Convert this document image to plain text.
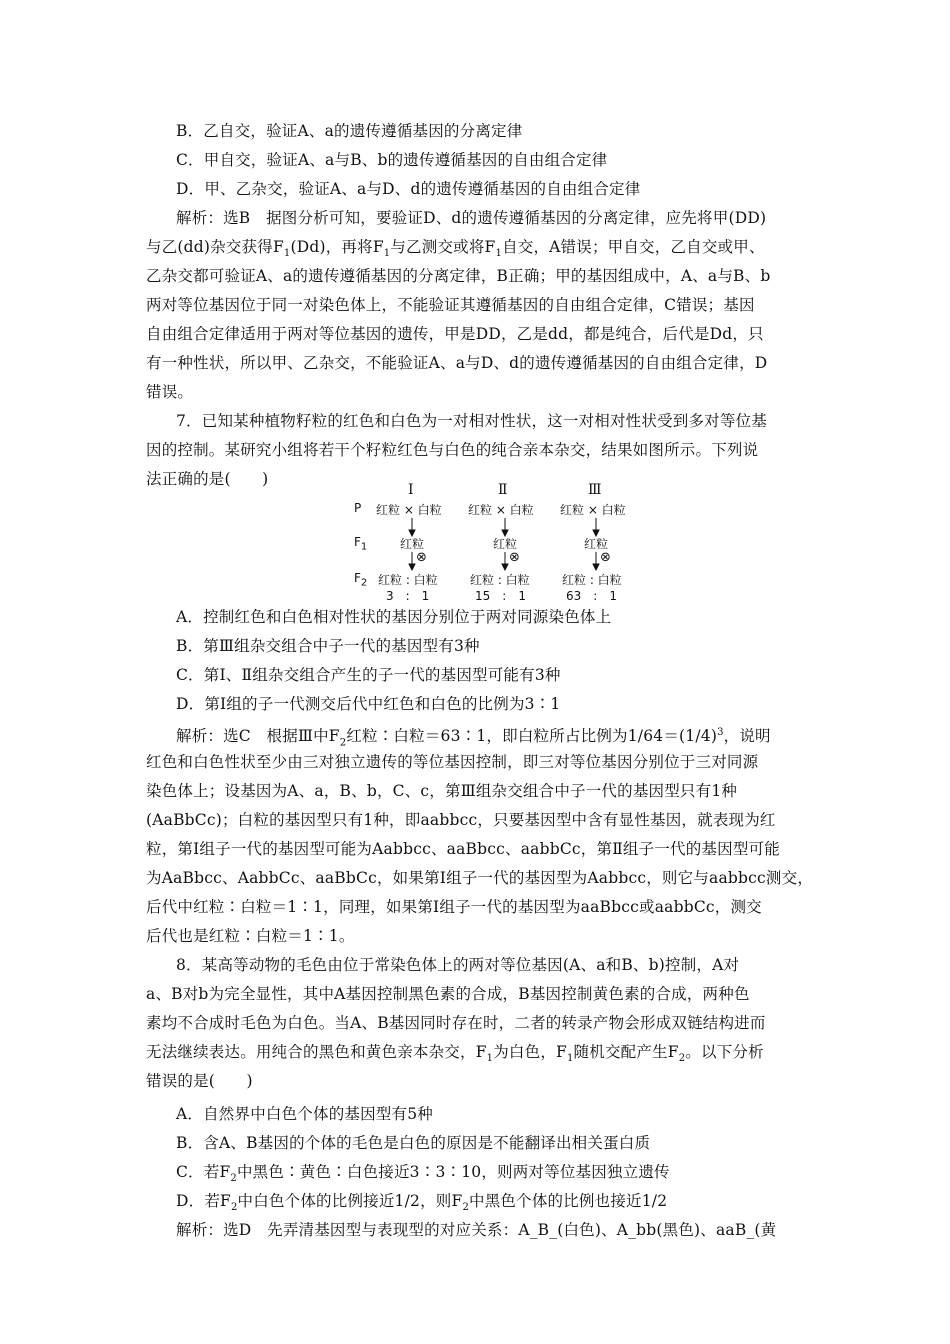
B．乙自交，验证A、a的遗传遵循基因的分离定律
C．甲自交，验证A、a与B、b的遗传遵循基因的自由组合定律
D．甲、乙杂交，验证A、a与D、d的遗传遵循基因的自由组合定律
解析：选B　据图分析可知，要验证D、d的遗传遵循基因的分离定律，应先将甲(DD)
与乙(dd)杂交获得$F_1(Dd)$，再将$F_1$与乙测交或将$F_1$自交，A错误；甲自交，乙自交或甲、
乙杂交都可验证A、a的遗传遵循基因的分离定律，B正确；甲的基因组成中，A、a与B、b
两对等位基因位于同一对染色体上，不能验证其遵循基因的自由组合定律，C错误；基因
自由组合定律适用于两对等位基因的遗传，甲是DD，乙是dd，都是纯合，后代是Dd，只
有一种性状，所以甲、乙杂交，不能验证A、a与D、d的遗传遵循基因的自由组合定律，D
错误。
7．已知某种植物籽粒的红色和白色为一对相对性状，这一对相对性状受到多对等位基
因的控制。某研究小组将若干个籽粒红色与白色的纯合亲本杂交，结果如图所示。下列说
法正确的是(　　)
Ⅰ	Ⅱ	Ⅲ
P 红粒 × 白粒 红粒 × 白粒 红粒 × 白粒
$F_1$	红粒	红粒	红粒
⊗	⊗	⊗
$F_2$ 红粒 : 白粒	红粒 : 白粒	红粒 : 白粒
3　:　1	15　:　1	63　:　1
A．控制红色和白色相对性状的基因分别位于两对同源染色体上
B．第Ⅲ组杂交组合中子一代的基因型有3种
C．第Ⅰ、Ⅱ组杂交组合产生的子一代的基因型可能有3种
D．第Ⅰ组的子一代测交后代中红色和白色的比例为3∶1
解析：选C　根据Ⅲ中$F_2$红粒∶白粒＝63∶1，即白粒所占比例为$1/64=(1/4)^3$，说明
红色和白色性状至少由三对独立遗传的等位基因控制，即三对等位基因分别位于三对同源
染色体上；设基因为A、a，B、b，C、c，第Ⅲ组杂交组合中子一代的基因型只有1种
(AaBbCc)；白粒的基因型只有1种，即aabbcc，只要基因型中含有显性基因，就表现为红
粒，第Ⅰ组子一代的基因型可能为Aabbcc、aaBbcc、aabbCc，第Ⅱ组子一代的基因型可能
为AaBbcc、AabbCc、aaBbCc，如果第Ⅰ组子一代的基因型为Aabbcc，则它与aabbcc测交，
后代中红粒∶白粒＝1∶1，同理，如果第Ⅰ组子一代的基因型为aaBbcc或aabbCc，测交
后代也是红粒∶白粒＝1∶1。
8．某高等动物的毛色由位于常染色体上的两对等位基因(A、a和B、b)控制，A对
a、B对b为完全显性，其中A基因控制黑色素的合成，B基因控制黄色素的合成，两种色
素均不合成时毛色为白色。当A、B基因同时存在时，二者的转录产物会形成双链结构进而
无法继续表达。用纯合的黑色和黄色亲本杂交，$F_1$为白色，$F_1$随机交配产生$F_2$。以下分析
错误的是(　　)
A．自然界中白色个体的基因型有5种
B．含A、B基因的个体的毛色是白色的原因是不能翻译出相关蛋白质
C．若$F_2$中黑色∶黄色∶白色接近3∶3∶10，则两对等位基因独立遗传
D．若$F_2$中白色个体的比例接近1/2，则$F_2$中黑色个体的比例也接近1/2
解析：选D　先弄清基因型与表现型的对应关系：A_B_(白色)、A_bb(黑色)、aaB_(黄
